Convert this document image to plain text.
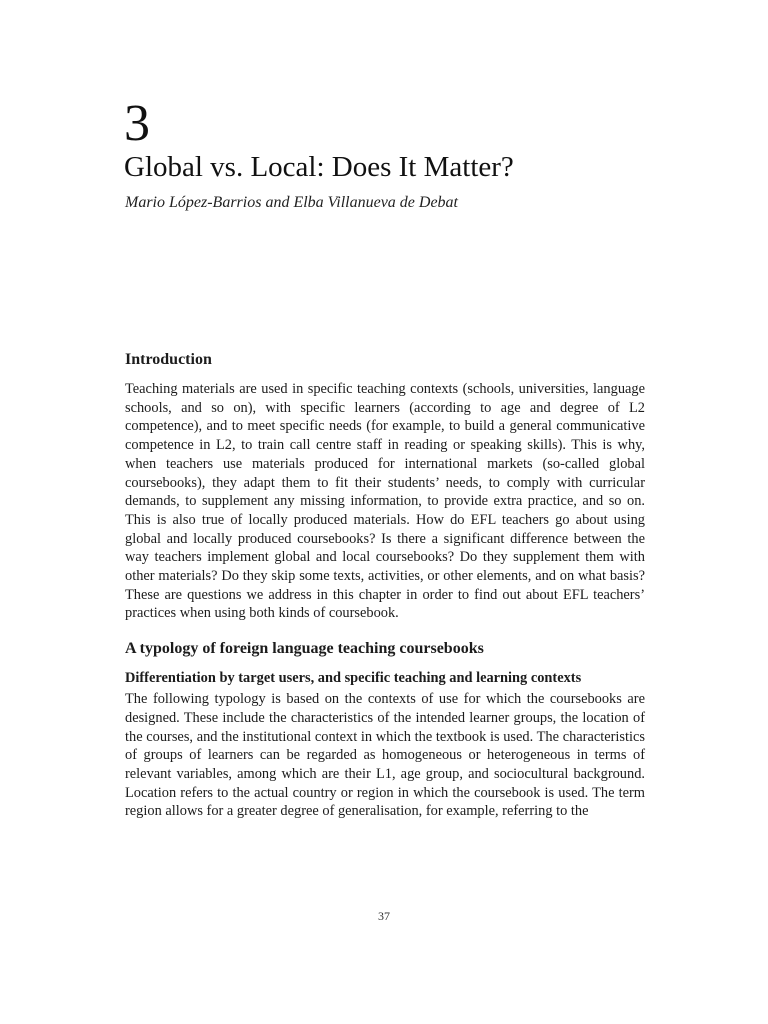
3
Global vs. Local: Does It Matter?
Mario López-Barrios and Elba Villanueva de Debat
Introduction

Teaching materials are used in specific teaching contexts (schools, universities, language schools, and so on), with specific learners (according to age and degree of L2 competence), and to meet specific needs (for example, to build a general communicative competence in L2, to train call centre staff in reading or speaking skills). This is why, when teachers use materials produced for international markets (so-called global coursebooks), they adapt them to fit their students’ needs, to comply with curricular demands, to supplement any missing information, to provide extra practice, and so on. This is also true of locally produced materials. How do EFL teachers go about using global and locally produced coursebooks? Is there a significant difference between the way teachers implement global and local coursebooks? Do they supplement them with other materials? Do they skip some texts, activities, or other elements, and on what basis? These are questions we address in this chapter in order to find out about EFL teachers’ practices when using both kinds of coursebook.

A typology of foreign language teaching coursebooks
Differentiation by target users, and specific teaching and learning contexts

The following typology is based on the contexts of use for which the coursebooks are designed. These include the characteristics of the intended learner groups, the location of the courses, and the institutional context in which the textbook is used. The characteristics of groups of learners can be regarded as homogeneous or heterogeneous in terms of relevant variables, among which are their L1, age group, and sociocultural background. Location refers to the actual country or region in which the coursebook is used. The term region allows for a greater degree of generalisation, for example, referring to the

37
